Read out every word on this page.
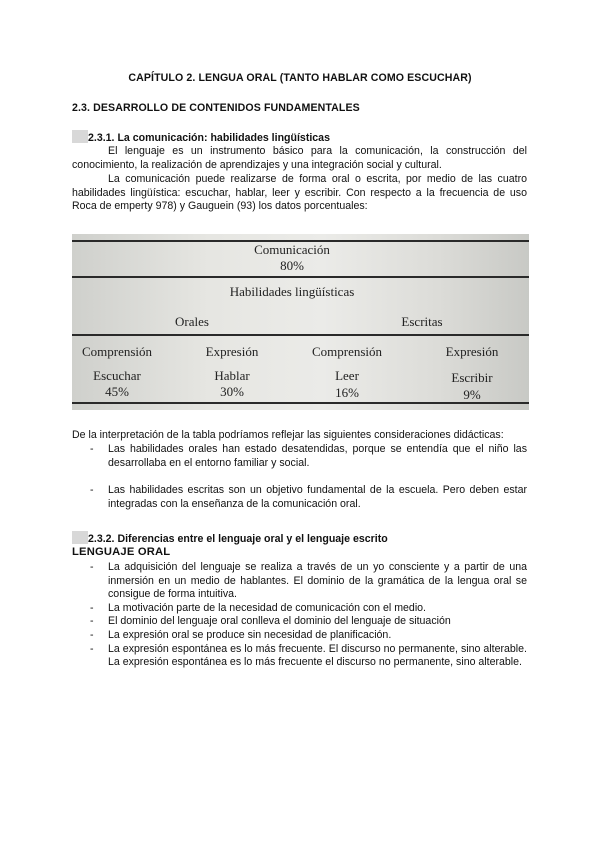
CAPÍTULO 2. LENGUA ORAL (TANTO HABLAR COMO ESCUCHAR)
2.3. DESARROLLO DE CONTENIDOS FUNDAMENTALES
2.3.1. La comunicación: habilidades lingüísticas
El lenguaje es un instrumento básico para la comunicación, la construcción del conocimiento, la realización de aprendizajes y una integración social y cultural.
La comunicación puede realizarse de forma oral o escrita, por medio de las cuatro habilidades lingüística: escuchar, hablar, leer y escribir. Con respecto a la frecuencia de uso Roca de emperty 978) y Gauguein (93) los datos porcentuales:
Comunicación
80%
Habilidades lingüísticas
Orales	Escritas
Comprensión	Expresión	Comprensión	Expresión
Escuchar	Hablar	Leer	Escribir
45%	30%	16%	9%
De la interpretación de la tabla podríamos reflejar las siguientes consideraciones didácticas:
- Las habilidades orales han estado desatendidas, porque se entendía que el niño las desarrollaba en el entorno familiar y social.
- Las habilidades escritas son un objetivo fundamental de la escuela. Pero deben estar integradas con la enseñanza de la comunicación oral.
2.3.2. Diferencias entre el lenguaje oral y el lenguaje escrito
LENGUAJE ORAL
- La adquisición del lenguaje se realiza a través de un yo consciente y a partir de una inmersión en un medio de hablantes. El dominio de la gramática de la lengua oral se consigue de forma intuitiva.
- La motivación parte de la necesidad de comunicación con el medio.
- El dominio del lenguaje oral conlleva el dominio del lenguaje de situación
- La expresión oral se produce sin necesidad de planificación.
- La expresión espontánea es lo más frecuente. El discurso no permanente, sino alterable. La expresión espontánea es lo más frecuente el discurso no permanente, sino alterable.
